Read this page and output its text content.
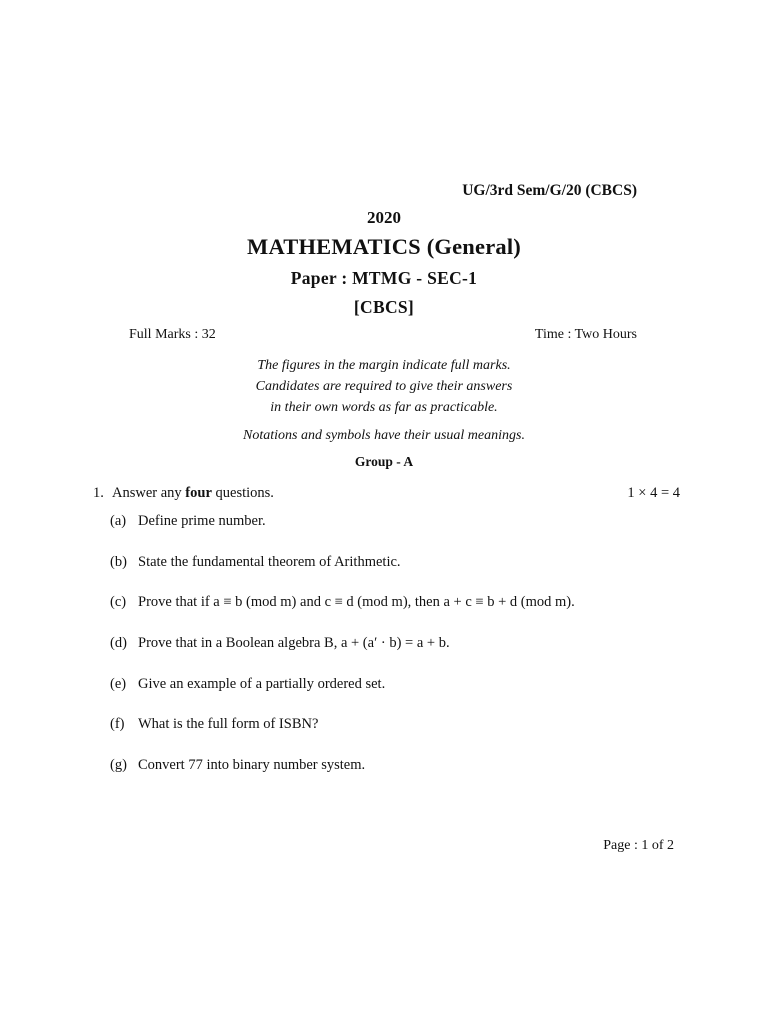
UG/3rd Sem/G/20 (CBCS)
2020
MATHEMATICS (General)
Paper : MTMG - SEC-1
[CBCS]
Full Marks : 32	Time : Two Hours
The figures in the margin indicate full marks.
Candidates are required to give their answers
in their own words as far as practicable.
Notations and symbols have their usual meanings.
Group - A
1. Answer any four questions.	1 × 4 = 4
(a) Define prime number.
(b) State the fundamental theorem of Arithmetic.
(c) Prove that if a ≡ b (mod m) and c ≡ d (mod m), then a + c ≡ b + d (mod m).
(d) Prove that in a Boolean algebra B, a + (a′ · b) = a + b.
(e) Give an example of a partially ordered set.
(f) What is the full form of ISBN?
(g) Convert 77 into binary number system.
Page : 1 of 2
